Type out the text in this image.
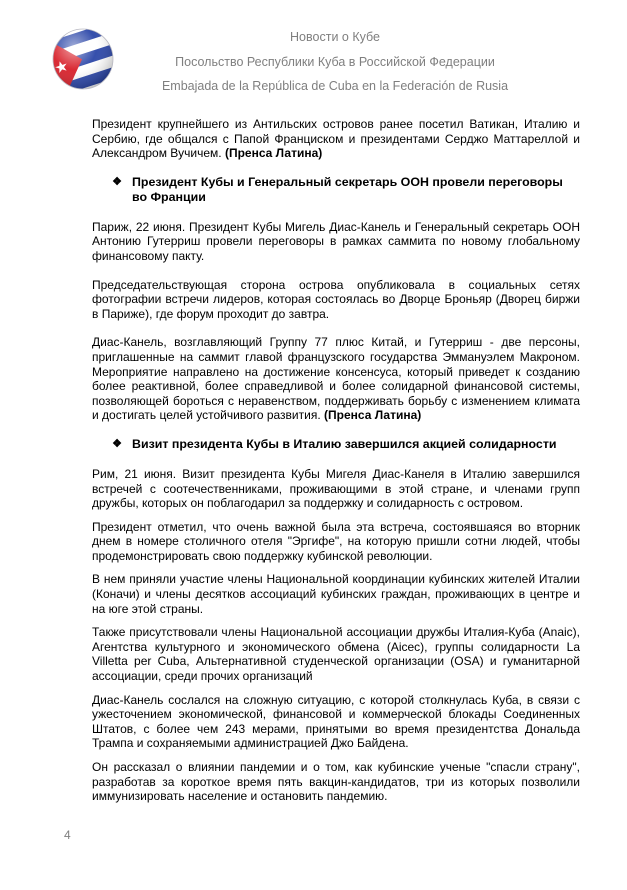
Новости о Кубе
Посольство Республики Куба в Российской Федерации
Embajada de la República de Cuba en la Federación de Rusia

Президент крупнейшего из Антильских островов ранее посетил Ватикан, Италию и Сербию, где общался с Папой Франциском и президентами Серджо Маттареллой и Александром Вучичем. (Пренса Латина)

❖ Президент Кубы и Генеральный секретарь ООН провели переговоры во Франции

Париж, 22 июня. Президент Кубы Мигель Диас-Канель и Генеральный секретарь ООН Антонию Гутерриш провели переговоры в рамках саммита по новому глобальному финансовому пакту.

Председательствующая сторона острова опубликовала в социальных сетях фотографии встречи лидеров, которая состоялась во Дворце Броньяр (Дворец биржи в Париже), где форум проходит до завтра.

Диас-Канель, возглавляющий Группу 77 плюс Китай, и Гутерриш - две персоны, приглашенные на саммит главой французского государства Эммануэлем Макроном. Мероприятие направлено на достижение консенсуса, который приведет к созданию более реактивной, более справедливой и более солидарной финансовой системы, позволяющей бороться с неравенством, поддерживать борьбу с изменением климата и достигать целей устойчивого развития. (Пренса Латина)

❖ Визит президента Кубы в Италию завершился акцией солидарности

Рим, 21 июня. Визит президента Кубы Мигеля Диас-Канеля в Италию завершился встречей с соотечественниками, проживающими в этой стране, и членами групп дружбы, которых он поблагодарил за поддержку и солидарность с островом.

Президент отметил, что очень важной была эта встреча, состоявшаяся во вторник днем в номере столичного отеля "Эргифе", на которую пришли сотни людей, чтобы продемонстрировать свою поддержку кубинской революции.

В нем приняли участие члены Национальной координации кубинских жителей Италии (Коначи) и члены десятков ассоциаций кубинских граждан, проживающих в центре и на юге этой страны.

Также присутствовали члены Национальной ассоциации дружбы Италия-Куба (Anaic), Агентства культурного и экономического обмена (Aicec), группы солидарности La Villetta per Cuba, Альтернативной студенческой организации (OSA) и гуманитарной ассоциации, среди прочих организаций

Диас-Канель сослался на сложную ситуацию, с которой столкнулась Куба, в связи с ужесточением экономической, финансовой и коммерческой блокады Соединенных Штатов, с более чем 243 мерами, принятыми во время президентства Дональда Трампа и сохраняемыми администрацией Джо Байдена.

Он рассказал о влиянии пандемии и о том, как кубинские ученые "спасли страну", разработав за короткое время пять вакцин-кандидатов, три из которых позволили иммунизировать население и остановить пандемию.

4
